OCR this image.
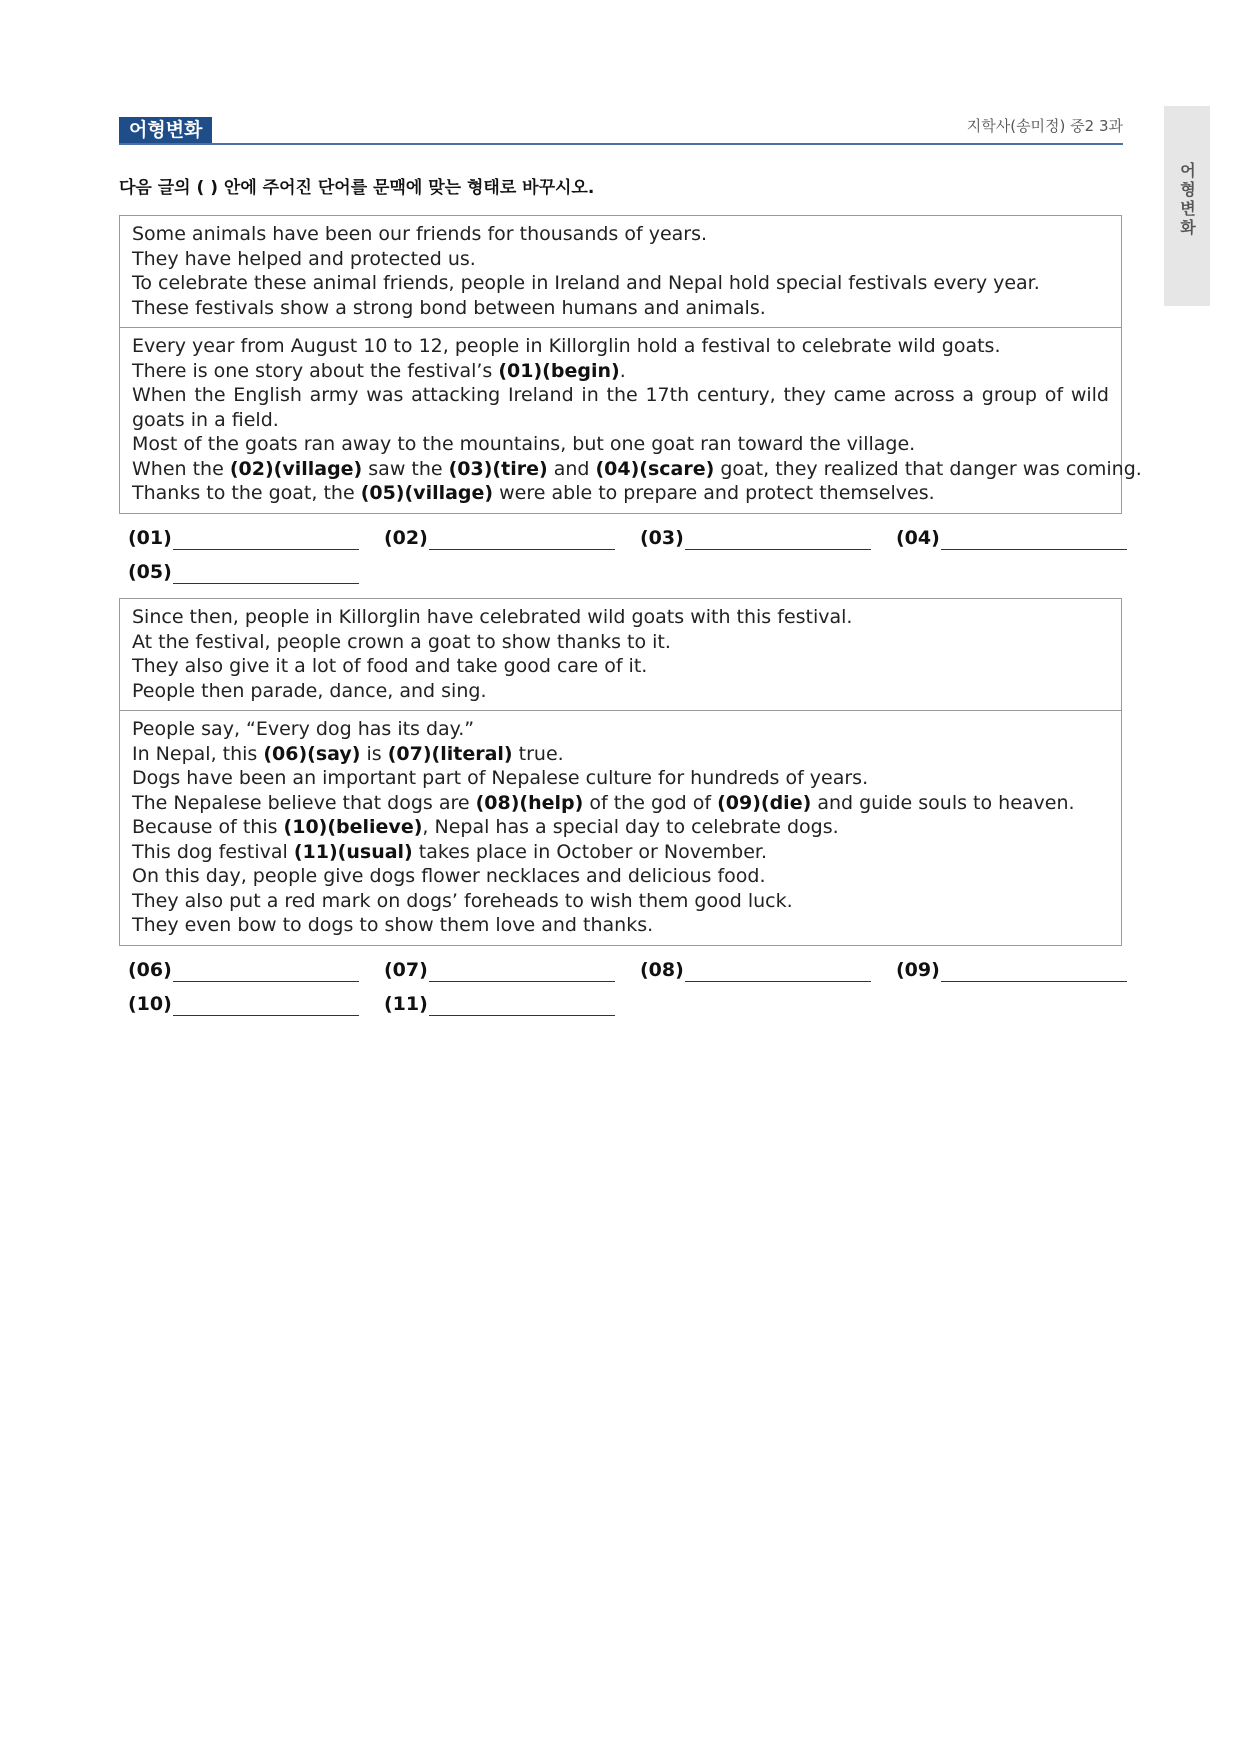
어형변화	지학사(송미정) 중2 3과
어형변화
다음 글의 ( ) 안에 주어진 단어를 문맥에 맞는 형태로 바꾸시오.
Some animals have been our friends for thousands of years.
They have helped and protected us.
To celebrate these animal friends, people in Ireland and Nepal hold special festivals every year.
These festivals show a strong bond between humans and animals.
Every year from August 10 to 12, people in Killorglin hold a festival to celebrate wild goats.
There is one story about the festival’s (01)(begin).
When the English army was attacking Ireland in the 17th century, they came across a group of wild goats in a field.
Most of the goats ran away to the mountains, but one goat ran toward the village.
When the (02)(village) saw the (03)(tire) and (04)(scare) goat, they realized that danger was coming.
Thanks to the goat, the (05)(village) were able to prepare and protect themselves.
(01)	(02)	(03)	(04)
(05)
Since then, people in Killorglin have celebrated wild goats with this festival.
At the festival, people crown a goat to show thanks to it.
They also give it a lot of food and take good care of it.
People then parade, dance, and sing.
People say, “Every dog has its day.”
In Nepal, this (06)(say) is (07)(literal) true.
Dogs have been an important part of Nepalese culture for hundreds of years.
The Nepalese believe that dogs are (08)(help) of the god of (09)(die) and guide souls to heaven.
Because of this (10)(believe), Nepal has a special day to celebrate dogs.
This dog festival (11)(usual) takes place in October or November.
On this day, people give dogs flower necklaces and delicious food.
They also put a red mark on dogs’ foreheads to wish them good luck.
They even bow to dogs to show them love and thanks.
(06)	(07)	(08)	(09)
(10)	(11)
